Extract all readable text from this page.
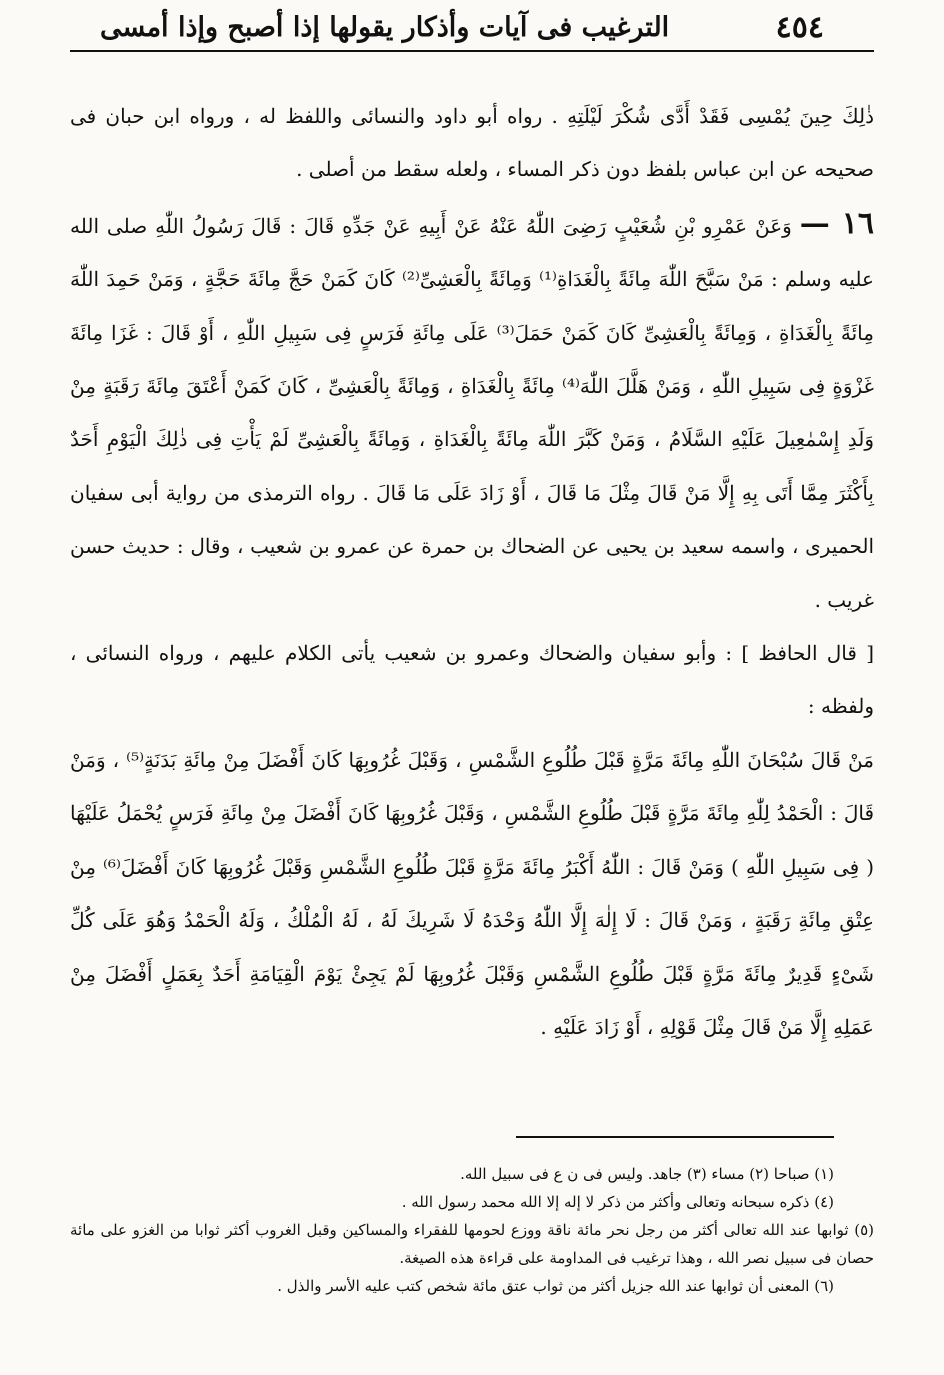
٤٥٤
الترغيب فى آيات وأذكار يقولها إذا أصبح وإذا أمسى

ذٰلِكَ حِينَ يُمْسِى فَقَدْ أَدَّى شُكْرَ لَيْلَتِهِ . رواه أبو داود والنسائى واللفظ له ، ورواه ابن حبان فى صحيحه عن ابن عباس بلفظ دون ذكر المساء ، ولعله سقط من أصلى .

١٦ — وَعَنْ عَمْرِو بْنِ شُعَيْبٍ رَضِىَ اللّٰهُ عَنْهُ عَنْ أَبِيهِ عَنْ جَدِّهِ قَالَ : قَالَ رَسُولُ اللّٰهِ صلى الله عليه وسلم : مَنْ سَبَّحَ اللّٰهَ مِائَةً بِالْغَدَاةِ⁽¹⁾ وَمِائَةً بِالْعَشِىِّ⁽²⁾ كَانَ كَمَنْ حَجَّ مِائَةَ حَجَّةٍ ، وَمَنْ حَمِدَ اللّٰهَ مِائَةً بِالْغَدَاةِ ، وَمِائَةً بِالْعَشِىِّ كَانَ كَمَنْ حَمَلَ⁽³⁾ عَلَى مِائَةِ فَرَسٍ فِى سَبِيلِ اللّٰهِ ، أَوْ قَالَ : غَزَا مِائَةَ غَزْوَةٍ فِى سَبِيلِ اللّٰهِ ، وَمَنْ هَلَّلَ اللّٰهَ⁽⁴⁾ مِائَةً بِالْغَدَاةِ ، وَمِائَةً بِالْعَشِىِّ ، كَانَ كَمَنْ أَعْتَقَ مِائَةَ رَقَبَةٍ مِنْ وَلَدِ إِسْمٰعِيلَ عَلَيْهِ السَّلَامُ ، وَمَنْ كَبَّرَ اللّٰهَ مِائَةً بِالْغَدَاةِ ، وَمِائَةً بِالْعَشِىِّ لَمْ يَأْتِ فِى ذٰلِكَ الْيَوْمِ أَحَدٌ بِأَكْثَرَ مِمَّا أَتَى بِهِ إِلَّا مَنْ قَالَ مِثْلَ مَا قَالَ ، أَوْ زَادَ عَلَى مَا قَالَ . رواه الترمذى من رواية أبى سفيان الحميرى ، واسمه سعيد بن يحيى عن الضحاك بن حمرة عن عمرو بن شعيب ، وقال : حديث حسن غريب .

[ قال الحافظ ] : وأبو سفيان والضحاك وعمرو بن شعيب يأتى الكلام عليهم ، ورواه النسائى ، ولفظه :

مَنْ قَالَ سُبْحَانَ اللّٰهِ مِائَةَ مَرَّةٍ قَبْلَ طُلُوعِ الشَّمْسِ ، وَقَبْلَ غُرُوبِهَا كَانَ أَفْضَلَ مِنْ مِائَةِ بَدَنَةٍ⁽⁵⁾ ، وَمَنْ قَالَ : الْحَمْدُ لِلّٰهِ مِائَةَ مَرَّةٍ قَبْلَ طُلُوعِ الشَّمْسِ ، وَقَبْلَ غُرُوبِهَا كَانَ أَفْضَلَ مِنْ مِائَةِ فَرَسٍ يُحْمَلُ عَلَيْهَا ( فِى سَبِيلِ اللّٰهِ ) وَمَنْ قَالَ : اللّٰهُ أَكْبَرُ مِائَةَ مَرَّةٍ قَبْلَ طُلُوعِ الشَّمْسِ وَقَبْلَ غُرُوبِهَا كَانَ أَفْضَلَ⁽⁶⁾ مِنْ عِتْقِ مِائَةِ رَقَبَةٍ ، وَمَنْ قَالَ : لَا إِلٰهَ إِلَّا اللّٰهُ وَحْدَهُ لَا شَرِيكَ لَهُ ، لَهُ الْمُلْكُ ، وَلَهُ الْحَمْدُ وَهُوَ عَلَى كُلِّ شَىْءٍ قَدِيرٌ مِائَةَ مَرَّةٍ قَبْلَ طُلُوعِ الشَّمْسِ وَقَبْلَ غُرُوبِهَا لَمْ يَجِئْ يَوْمَ الْقِيَامَةِ أَحَدٌ بِعَمَلٍ أَفْضَلَ مِنْ عَمَلِهِ إِلَّا مَنْ قَالَ مِثْلَ قَوْلِهِ ، أَوْ زَادَ عَلَيْهِ .

(١) صباحا (٢) مساء (٣) جاهد. وليس فى ن ع فى سبيل الله.

(٤) ذكره سبحانه وتعالى وأكثر من ذكر لا إله إلا الله محمد رسول الله .

(٥) ثوابها عند الله تعالى أكثر من رجل نحر مائة ناقة ووزع لحومها للفقراء والمساكين وقبل الغروب أكثر ثوابا من الغزو على مائة حصان فى سبيل نصر الله ، وهذا ترغيب فى المداومة على قراءة هذه الصيغة.

(٦) المعنى أن ثوابها عند الله جزيل أكثر من ثواب عتق مائة شخص كتب عليه الأسر والذل .
